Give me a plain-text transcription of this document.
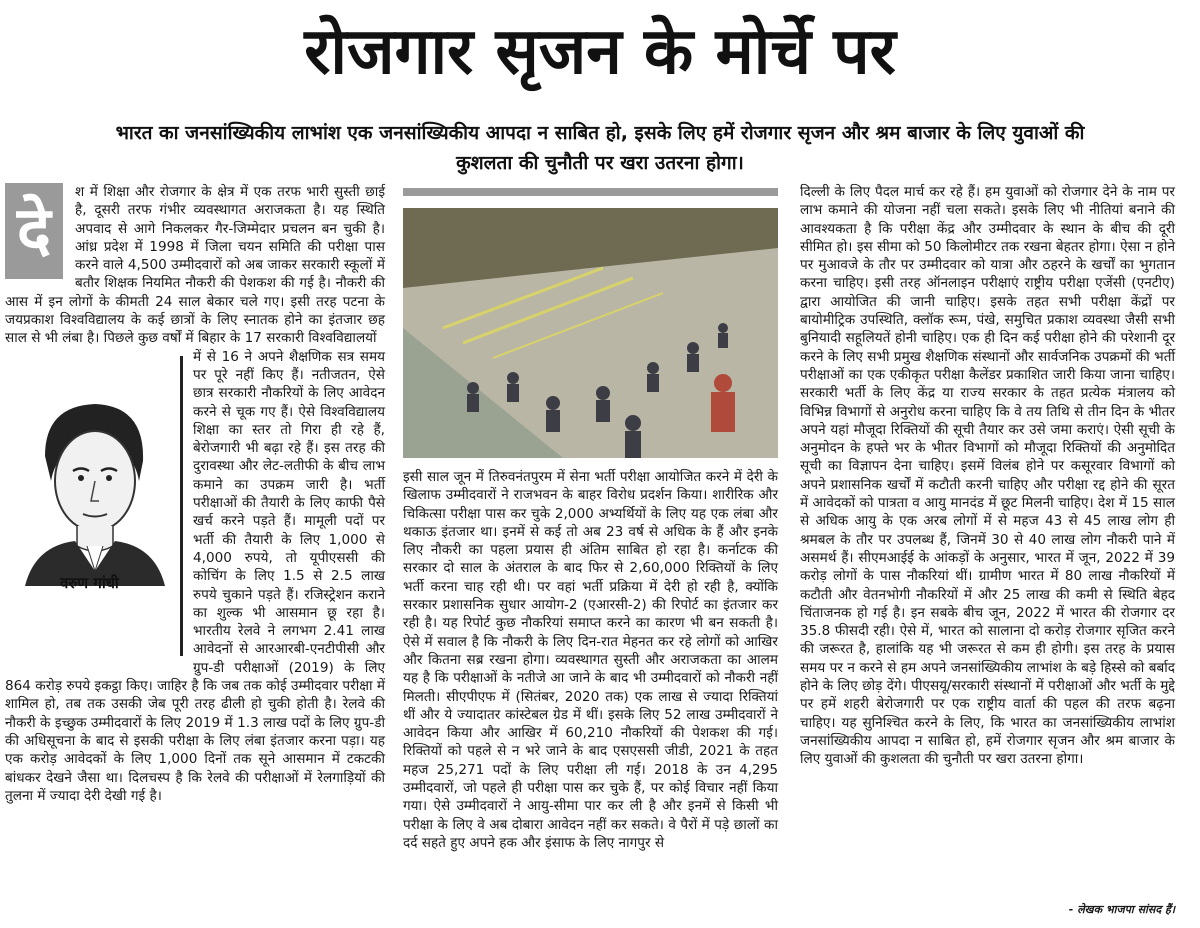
रोजगार सृजन के मोर्चे पर
भारत का जनसांख्यिकीय लाभांश एक जनसांख्यिकीय आपदा न साबित हो, इसके लिए हमें रोजगार सृजन और श्रम बाजार के लिए युवाओं की कुशलता की चुनौती पर खरा उतरना होगा।
दे

श में शिक्षा और रोजगार के क्षेत्र में एक तरफ भारी सुस्ती छाई है, दूसरी तरफ गंभीर व्यवस्थागत अराजकता है। यह स्थिति अपवाद से आगे निकलकर गैर-जिम्मेदार प्रचलन बन चुकी है। आंध्र प्रदेश में 1998 में जिला चयन समिति की परीक्षा पास करने वाले 4,500 उम्मीदवारों को अब जाकर सरकारी स्कूलों में बतौर शिक्षक नियमित नौकरी की पेशकश की गई है। नौकरी की आस में इन लोगों के कीमती 24 साल बेकार चले गए। इसी तरह पटना के जयप्रकाश विश्वविद्यालय के कई छात्रों के लिए स्नातक होने का इंतजार छह साल से भी लंबा है। पिछले कुछ वर्षों में बिहार के 17 सरकारी विश्वविद्यालयों

वरुण गांधी

में से 16 ने अपने शैक्षणिक सत्र समय पर पूरे नहीं किए हैं। नतीजतन, ऐसे छात्र सरकारी नौकरियों के लिए आवेदन करने से चूक गए हैं। ऐसे विश्वविद्यालय शिक्षा का स्तर तो गिरा ही रहे हैं, बेरोजगारी भी बढ़ा रहे हैं। इस तरह की दुरावस्था और लेट-लतीफी के बीच लाभ कमाने का उपक्रम जारी है। भर्ती परीक्षाओं की तैयारी के लिए काफी पैसे खर्च करने पड़ते हैं। मामूली पदों पर भर्ती की तैयारी के लिए 1,000 से 4,000 रुपये, तो यूपीएससी की कोचिंग के लिए 1.5 से 2.5 लाख रुपये चुकाने पड़ते हैं। रजिस्ट्रेशन कराने का शुल्क भी आसमान छू रहा है। भारतीय रेलवे ने लगभग 2.41 लाख आवेदनों से आरआरबी-एनटीपीसी और ग्रुप-डी परीक्षाओं (2019) के लिए 864 करोड़ रुपये इकट्ठा किए। जाहिर है कि जब तक कोई उम्मीदवार परीक्षा में शामिल हो, तब तक उसकी जेब पूरी तरह ढीली हो चुकी होती है। रेलवे की नौकरी के इच्छुक उम्मीदवारों के लिए 2019 में 1.3 लाख पदों के लिए ग्रुप-डी की अधिसूचना के बाद से इसकी परीक्षा के लिए लंबा इंतजार करना पड़ा। यह एक करोड़ आवेदकों के लिए 1,000 दिनों तक सूने आसमान में टकटकी बांधकर देखने जैसा था। दिलचस्प है कि रेलवे की परीक्षाओं में रेलगाड़ियों की तुलना में ज्यादा देरी देखी गई है।

इसी साल जून में तिरुवनंतपुरम में सेना भर्ती परीक्षा आयोजित करने में देरी के खिलाफ उम्मीदवारों ने राजभवन के बाहर विरोध प्रदर्शन किया। शारीरिक और चिकित्सा परीक्षा पास कर चुके 2,000 अभ्यर्थियों के लिए यह एक लंबा और थकाऊ इंतजार था। इनमें से कई तो अब 23 वर्ष से अधिक के हैं और इनके लिए नौकरी का पहला प्रयास ही अंतिम साबित हो रहा है। कर्नाटक की सरकार दो साल के अंतराल के बाद फिर से 2,60,000 रिक्तियों के लिए भर्ती करना चाह रही थी। पर वहां भर्ती प्रक्रिया में देरी हो रही है, क्योंकि सरकार प्रशासनिक सुधार आयोग-2 (एआरसी-2) की रिपोर्ट का इंतजार कर रही है। यह रिपोर्ट कुछ नौकरियां समाप्त करने का कारण भी बन सकती है। ऐसे में सवाल है कि नौकरी के लिए दिन-रात मेहनत कर रहे लोगों को आखिर और कितना सब्र रखना होगा। व्यवस्थागत सुस्ती और अराजकता का आलम यह है कि परीक्षाओं के नतीजे आ जाने के बाद भी उम्मीदवारों को नौकरी नहीं मिलती। सीएपीएफ में (सितंबर, 2020 तक) एक लाख से ज्यादा रिक्तियां थीं और ये ज्यादातर कांस्टेबल ग्रेड में थीं। इसके लिए 52 लाख उम्मीदवारों ने आवेदन किया और आखिर में 60,210 नौकरियों की पेशकश की गई। रिक्तियों को पहले से न भरे जाने के बाद एसएससी जीडी, 2021 के तहत महज 25,271 पदों के लिए परीक्षा ली गई। 2018 के उन 4,295 उम्मीदवारों, जो पहले ही परीक्षा पास कर चुके हैं, पर कोई विचार नहीं किया गया। ऐसे उम्मीदवारों ने आयु-सीमा पार कर ली है और इनमें से किसी भी परीक्षा के लिए वे अब दोबारा आवेदन नहीं कर सकते। वे पैरों में पड़े छालों का दर्द सहते हुए अपने हक और इंसाफ के लिए नागपुर से

दिल्ली के लिए पैदल मार्च कर रहे हैं। हम युवाओं को रोजगार देने के नाम पर लाभ कमाने की योजना नहीं चला सकते। इसके लिए भी नीतियां बनाने की आवश्यकता है कि परीक्षा केंद्र और उम्मीदवार के स्थान के बीच की दूरी सीमित हो। इस सीमा को 50 किलोमीटर तक रखना बेहतर होगा। ऐसा न होने पर मुआवजे के तौर पर उम्मीदवार को यात्रा और ठहरने के खर्चों का भुगतान करना चाहिए। इसी तरह ऑनलाइन परीक्षाएं राष्ट्रीय परीक्षा एजेंसी (एनटीए) द्वारा आयोजित की जानी चाहिए। इसके तहत सभी परीक्षा केंद्रों पर बायोमीट्रिक उपस्थिति, क्लॉक रूम, पंखे, समुचित प्रकाश व्यवस्था जैसी सभी बुनियादी सहूलियतें होनी चाहिए। एक ही दिन कई परीक्षा होने की परेशानी दूर करने के लिए सभी प्रमुख शैक्षणिक संस्थानों और सार्वजनिक उपक्रमों की भर्ती परीक्षाओं का एक एकीकृत परीक्षा कैलेंडर प्रकाशित जारी किया जाना चाहिए। सरकारी भर्ती के लिए केंद्र या राज्य सरकार के तहत प्रत्येक मंत्रालय को विभिन्न विभागों से अनुरोध करना चाहिए कि वे तय तिथि से तीन दिन के भीतर अपने यहां मौजूदा रिक्तियों की सूची तैयार कर उसे जमा कराएं। ऐसी सूची के अनुमोदन के हफ्ते भर के भीतर विभागों को मौजूदा रिक्तियों की अनुमोदित सूची का विज्ञापन देना चाहिए। इसमें विलंब होने पर कसूरवार विभागों को अपने प्रशासनिक खर्चों में कटौती करनी चाहिए और परीक्षा रद्द होने की सूरत में आवेदकों को पात्रता व आयु मानदंड में छूट मिलनी चाहिए। देश में 15 साल से अधिक आयु के एक अरब लोगों में से महज 43 से 45 लाख लोग ही श्रमबल के तौर पर उपलब्ध हैं, जिनमें 30 से 40 लाख लोग नौकरी पाने में असमर्थ हैं। सीएमआईई के आंकड़ों के अनुसार, भारत में जून, 2022 में 39 करोड़ लोगों के पास नौकरियां थीं। ग्रामीण भारत में 80 लाख नौकरियों में कटौती और वेतनभोगी नौकरियों में और 25 लाख की कमी से स्थिति बेहद चिंताजनक हो गई है। इन सबके बीच जून, 2022 में भारत की रोजगार दर 35.8 फीसदी रही। ऐसे में, भारत को सालाना दो करोड़ रोजगार सृजित करने की जरूरत है, हालांकि यह भी जरूरत से कम ही होगी। इस तरह के प्रयास समय पर न करने से हम अपने जनसांख्यिकीय लाभांश के बड़े हिस्से को बर्बाद होने के लिए छोड़ देंगे। पीएसयू/सरकारी संस्थानों में परीक्षाओं और भर्ती के मुद्दे पर हमें शहरी बेरोजगारी पर एक राष्ट्रीय वार्ता की पहल की तरफ बढ़ना चाहिए। यह सुनिश्चित करने के लिए, कि भारत का जनसांख्यिकीय लाभांश जनसांख्यिकीय आपदा न साबित हो, हमें रोजगार सृजन और श्रम बाजार के लिए युवाओं की कुशलता की चुनौती पर खरा उतरना होगा।

- लेखक भाजपा सांसद हैं।
